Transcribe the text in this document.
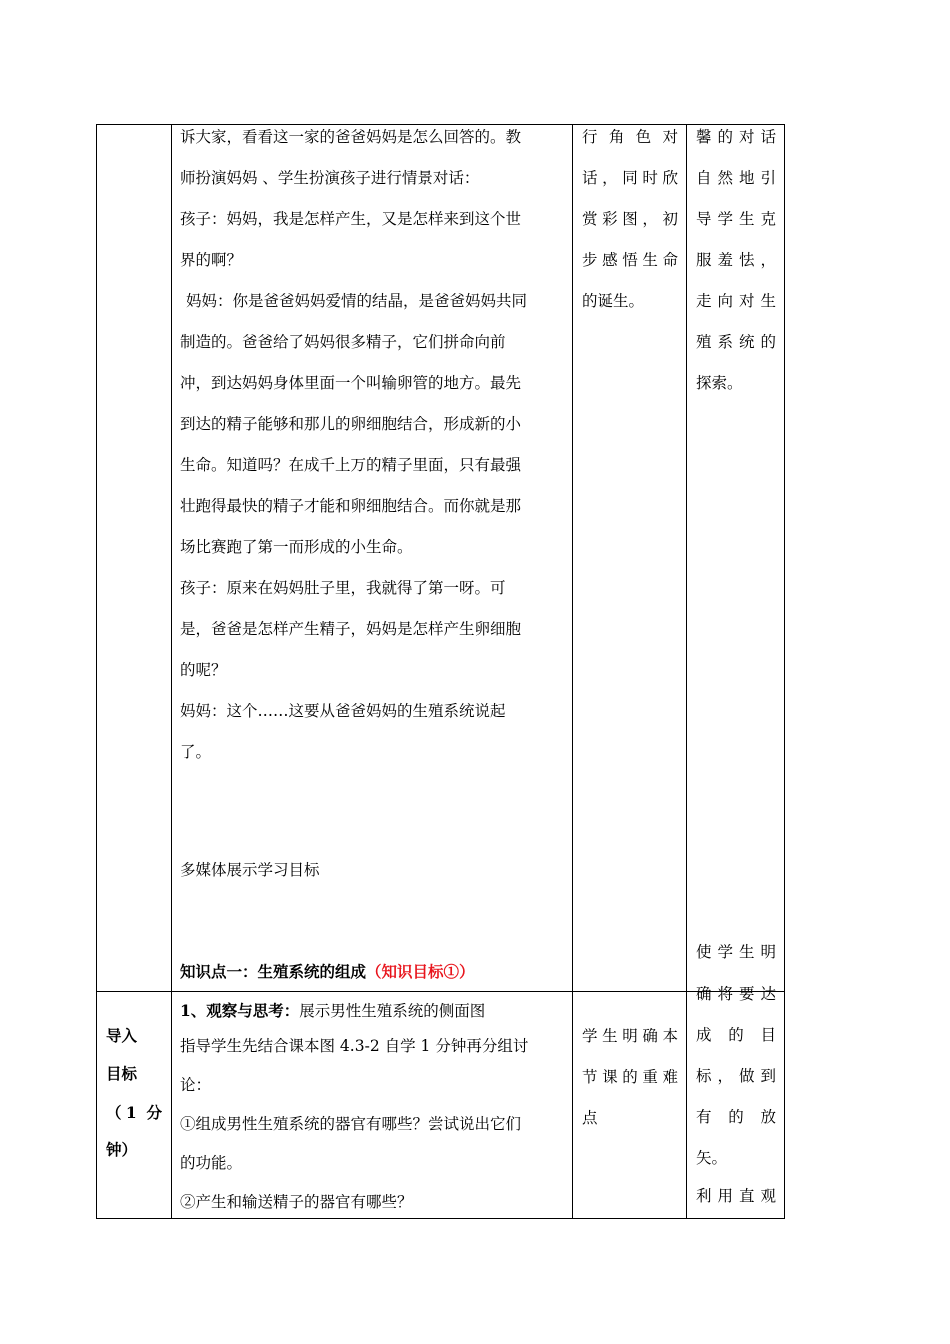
导入
目标
（1 分
钟）
诉大家，看看这一家的爸爸妈妈是怎么回答的。教
师扮演妈妈 、学生扮演孩子进行情景对话：
孩子：妈妈，我是怎样产生，又是怎样来到这个世
界的啊？
妈妈：你是爸爸妈妈爱情的结晶，是爸爸妈妈共同
制造的。爸爸给了妈妈很多精子，它们拼命向前
冲，到达妈妈身体里面一个叫输卵管的地方。最先
到达的精子能够和那儿的卵细胞结合，形成新的小
生命。知道吗？在成千上万的精子里面，只有最强
壮跑得最快的精子才能和卵细胞结合。而你就是那
场比赛跑了第一而形成的小生命。
孩子：原来在妈妈肚子里，我就得了第一呀。可
是，爸爸是怎样产生精子，妈妈是怎样产生卵细胞
的呢？
妈妈：这个……这要从爸爸妈妈的生殖系统说起
了。
多媒体展示学习目标
知识点一：生殖系统的组成（知识目标①）
1、观察与思考：展示男性生殖系统的侧面图
指导学生先结合课本图 4.3-2 自学 1 分钟再分组讨
论：
①组成男性生殖系统的器官有哪些？尝试说出它们
的功能。
②产生和输送精子的器官有哪些？
行角色对
话，同时欣
赏彩图，初
步感悟生命
的诞生。
学生明确本
节课的重难
点
馨的对话
自然地引
导学生克
服羞怯，
走向对生
殖系统的
探索。
使学生明
确将要达
成的目
标，做到
有的放
矢。
利用直观
